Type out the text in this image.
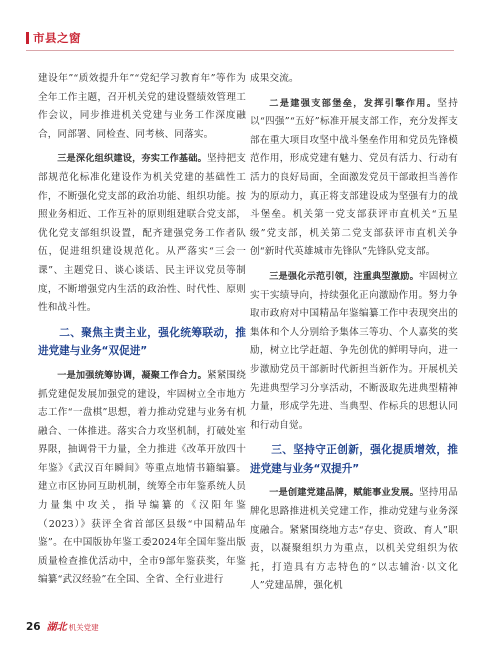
市县之窗

建设年”“质效提升年”“党纪学习教育年”等作为全年工作主题，召开机关党的建设暨绩效管理工作会议，同步推进机关党建与业务工作深度融合，同部署、同检查、同考核、同落实。

三是深化组织建设，夯实工作基础。坚持把支部规范化标准化建设作为机关党建的基础性工作，不断强化党支部的政治功能、组织功能。按照业务相近、工作互补的原则组建联合党支部，优化党支部组织设置，配齐建强党务工作者队伍，促进组织建设规范化。从严落实“三会一课”、主题党日、谈心谈话、民主评议党员等制度，不断增强党内生活的政治性、时代性、原则性和战斗性。

二、聚焦主责主业，强化统筹联动，推进党建与业务“双促进”

一是加强统筹协调，凝聚工作合力。紧紧围绕抓党建促发展加强党的建设，牢固树立全市地方志工作“一盘棋”思想，着力推动党建与业务有机融合、一体推进。落实合力攻坚机制，打破处室界限，抽调骨干力量，全力推进《改革开放四十年鉴》《武汉百年瞬间》等重点地情书籍编纂。建立市区协同互助机制，统筹全市年鉴系统人员力量集中攻关，指导编纂的《汉阳年鉴（2023）》获评全省首部区县级“中国精品年鉴”。在中国版协年鉴工委2024年全国年鉴出版质量检查推优活动中，全市9部年鉴获奖，年鉴编纂“武汉经验”在全国、全省、全行业进行

成果交流。

二是建强支部堡垒，发挥引擎作用。坚持以“四强”“五好”标准开展支部工作，充分发挥支部在重大项目攻坚中战斗堡垒作用和党员先锋模范作用，形成党建有魅力、党员有活力、行动有活力的良好局面，全面激发党员干部敢担当善作为的原动力，真正将支部建设成为坚强有力的战斗堡垒。机关第一党支部获评市直机关“五星级”党支部，机关第二党支部获评市直机关争创“新时代英雄城市先锋队”先锋队党支部。

三是强化示范引领，注重典型激励。牢固树立实干实绩导向，持续强化正向激励作用。努力争取市政府对中国精品年鉴编纂工作中表现突出的集体和个人分别给予集体三等功、个人嘉奖的奖励，树立比学赶超、争先创优的鲜明导向，进一步激励党员干部新时代新担当新作为。开展机关先进典型学习分享活动，不断汲取先进典型精神力量，形成学先进、当典型、作标兵的思想认同和行动自觉。

三、坚持守正创新，强化提质增效，推进党建与业务“双提升”

一是创建党建品牌，赋能事业发展。坚持用品牌化思路推进机关党建工作，推动党建与业务深度融合。紧紧围绕地方志“存史、资政、育人”职责，以凝聚组织力为重点，以机关党组织为依托，打造具有方志特色的“以志辅治·以文化人”党建品牌，强化机

26 湖北 机关党建
